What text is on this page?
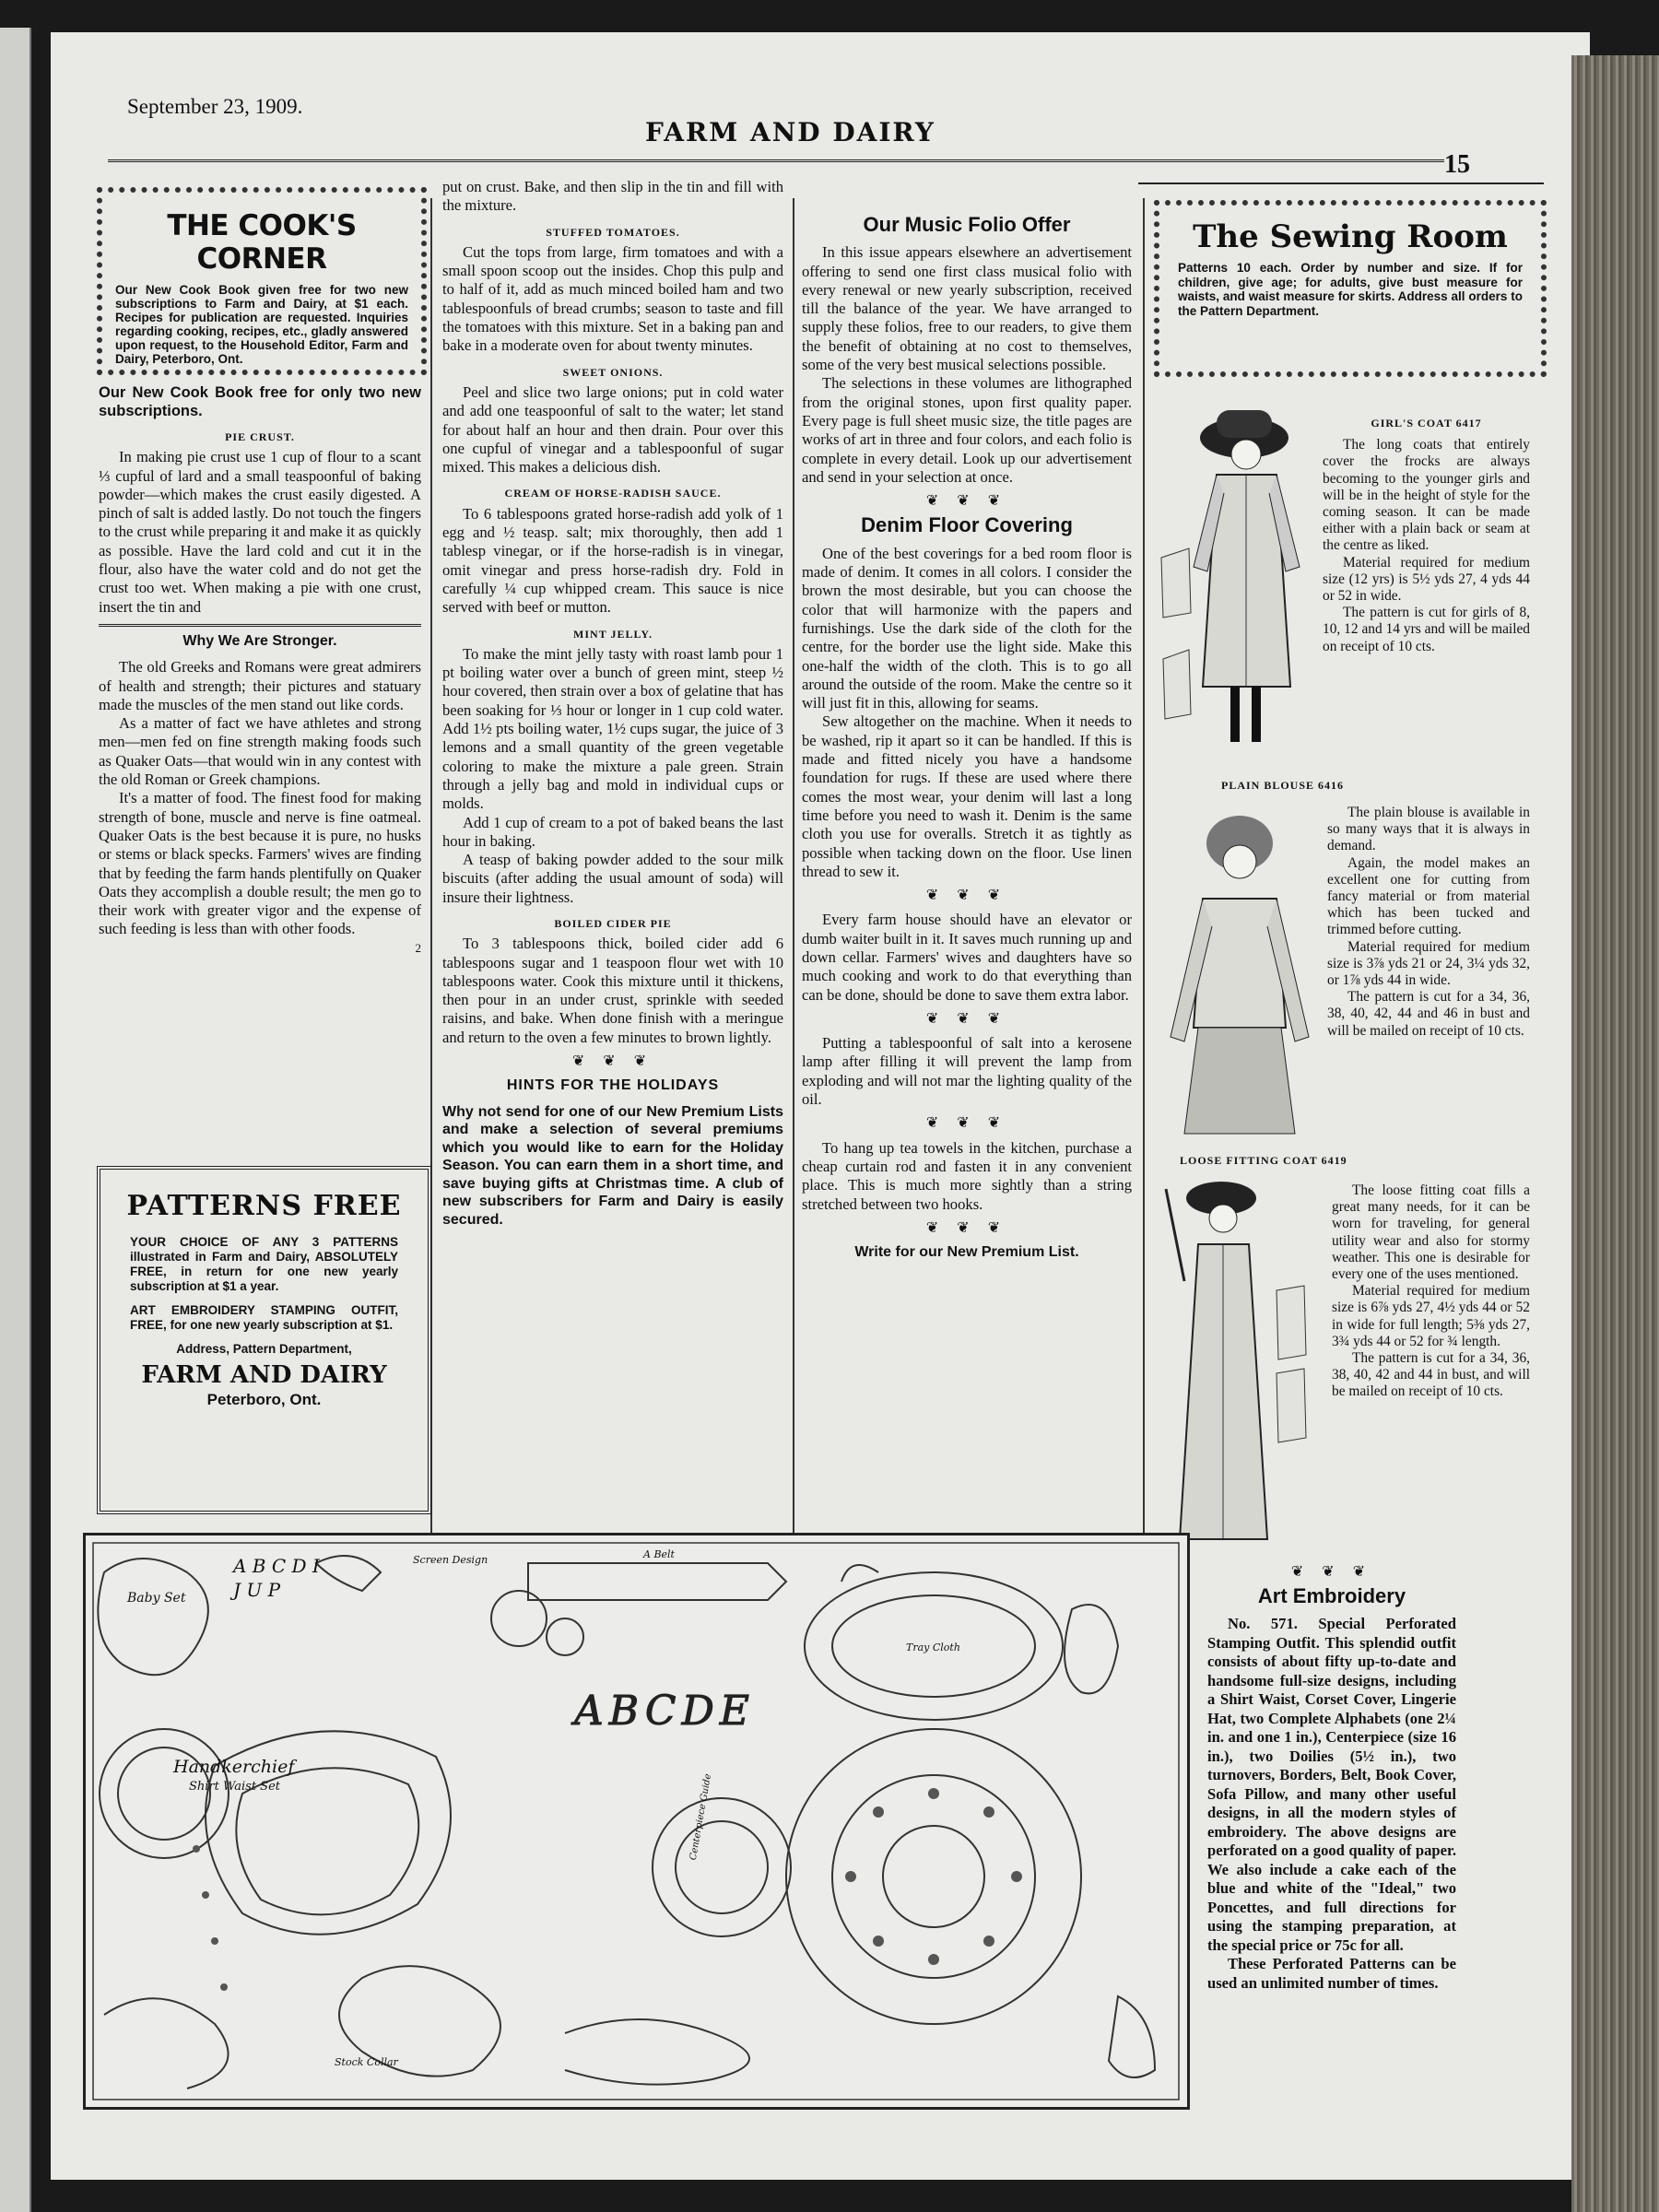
September 23, 1909.
FARM AND DAIRY
15
THE COOK'S CORNER
Our New Cook Book given free for two new subscriptions to Farm and Dairy, at $1 each. Recipes for publication are requested. Inquiries regarding cooking, recipes, etc., gladly answered upon request, to the Household Editor, Farm and Dairy, Peterboro, Ont.
Our New Cook Book free for only two new subscriptions.
PIE CRUST.

In making pie crust use 1 cup of flour to a scant ⅓ cupful of lard and a small teaspoonful of baking powder—which makes the crust easily digested. A pinch of salt is added lastly. Do not touch the fingers to the crust while preparing it and make it as quickly as possible. Have the lard cold and cut it in the flour, also have the water cold and do not get the crust too wet. When making a pie with one crust, insert the tin and

Why We Are Stronger.

The old Greeks and Romans were great admirers of health and strength; their pictures and statuary made the muscles of the men stand out like cords.

As a matter of fact we have athletes and strong men—men fed on fine strength making foods such as Quaker Oats—that would win in any contest with the old Roman or Greek champions.

It's a matter of food. The finest food for making strength of bone, muscle and nerve is fine oatmeal. Quaker Oats is the best because it is pure, no husks or stems or black specks. Farmers' wives are finding that by feeding the farm hands plentifully on Quaker Oats they accomplish a double result; the men go to their work with greater vigor and the expense of such feeding is less than with other foods.

2
PATTERNS FREE
YOUR CHOICE OF ANY 3 PATTERNS illustrated in Farm and Dairy, ABSOLUTELY FREE, in return for one new yearly subscription at $1 a year.
ART EMBROIDERY STAMPING OUTFIT, FREE, for one new yearly subscription at $1.
Address, Pattern Department,
FARM AND DAIRY
Peterboro, Ont.
put on crust. Bake, and then slip in the tin and fill with the mixture.
STUFFED TOMATOES.

Cut the tops from large, firm tomatoes and with a small spoon scoop out the insides. Chop this pulp and to half of it, add as much minced boiled ham and two tablespoonfuls of bread crumbs; season to taste and fill the tomatoes with this mixture. Set in a baking pan and bake in a moderate oven for about twenty minutes.

SWEET ONIONS.

Peel and slice two large onions; put in cold water and add one teaspoonful of salt to the water; let stand for about half an hour and then drain. Pour over this one cupful of vinegar and a tablespoonful of sugar mixed. This makes a delicious dish.

CREAM OF HORSE-RADISH SAUCE.

To 6 tablespoons grated horse-radish add yolk of 1 egg and ½ teasp. salt; mix thoroughly, then add 1 tablesp vinegar, or if the horse-radish is in vinegar, omit vinegar and press horse-radish dry. Fold in carefully ¼ cup whipped cream. This sauce is nice served with beef or mutton.

MINT JELLY.

To make the mint jelly tasty with roast lamb pour 1 pt boiling water over a bunch of green mint, steep ½ hour covered, then strain over a box of gelatine that has been soaking for ⅓ hour or longer in 1 cup cold water. Add 1½ pts boiling water, 1½ cups sugar, the juice of 3 lemons and a small quantity of the green vegetable coloring to make the mixture a pale green. Strain through a jelly bag and mold in individual cups or molds.

Add 1 cup of cream to a pot of baked beans the last hour in baking.

A teasp of baking powder added to the sour milk biscuits (after adding the usual amount of soda) will insure their lightness.

BOILED CIDER PIE

To 3 tablespoons thick, boiled cider add 6 tablespoons sugar and 1 teaspoon flour wet with 10 tablespoons water. Cook this mixture until it thickens, then pour in an under crust, sprinkle with seeded raisins, and bake. When done finish with a meringue and return to the oven a few minutes to brown lightly.

❦ ❦ ❦
HINTS FOR THE HOLIDAYS
Why not send for one of our New Premium Lists and make a selection of several premiums which you would like to earn for the Holiday Season. You can earn them in a short time, and save buying gifts at Christmas time. A club of new subscribers for Farm and Dairy is easily secured.
Our Music Folio Offer

In this issue appears elsewhere an advertisement offering to send one first class musical folio with every renewal or new yearly subscription, received till the balance of the year. We have arranged to supply these folios, free to our readers, to give them the benefit of obtaining at no cost to themselves, some of the very best musical selections possible.

The selections in these volumes are lithographed from the original stones, upon first quality paper. Every page is full sheet music size, the title pages are works of art in three and four colors, and each folio is complete in every detail. Look up our advertisement and send in your selection at once.

❦ ❦ ❦
Denim Floor Covering

One of the best coverings for a bed room floor is made of denim. It comes in all colors. I consider the brown the most desirable, but you can choose the color that will harmonize with the papers and furnishings. Use the dark side of the cloth for the centre, for the border use the light side. Make this one-half the width of the cloth. This is to go all around the outside of the room. Make the centre so it will just fit in this, allowing for seams.

Sew altogether on the machine. When it needs to be washed, rip it apart so it can be handled. If this is made and fitted nicely you have a handsome foundation for rugs. If these are used where there comes the most wear, your denim will last a long time before you need to wash it. Denim is the same cloth you use for overalls. Stretch it as tightly as possible when tacking down on the floor. Use linen thread to sew it.

❦ ❦ ❦

Every farm house should have an elevator or dumb waiter built in it. It saves much running up and down cellar. Farmers' wives and daughters have so much cooking and work to do that everything than can be done, should be done to save them extra labor.

❦ ❦ ❦

Putting a tablespoonful of salt into a kerosene lamp after filling it will prevent the lamp from exploding and will not mar the lighting quality of the oil.

❦ ❦ ❦

To hang up tea towels in the kitchen, purchase a cheap curtain rod and fasten it in any convenient place. This is much more sightly than a string stretched between two hooks.

❦ ❦ ❦
Write for our New Premium List.
The Sewing Room
Patterns 10 each. Order by number and size. If for children, give age; for adults, give bust measure for waists, and waist measure for skirts. Address all orders to the Pattern Department.
GIRL'S COAT 6417

The long coats that entirely cover the frocks are always becoming to the younger girls and will be in the height of style for the coming season. It can be made either with a plain back or seam at the centre as liked.

Material required for medium size (12 yrs) is 5½ yds 27, 4 yds 44 or 52 in wide.

The pattern is cut for girls of 8, 10, 12 and 14 yrs and will be mailed on receipt of 10 cts.

PLAIN BLOUSE 6416

The plain blouse is available in so many ways that it is always in demand.

Again, the model makes an excellent one for cutting from fancy material or from material which has been tucked and trimmed before cutting.

Material required for medium size is 3⅞ yds 21 or 24, 3¼ yds 32, or 1⅞ yds 44 in wide.

The pattern is cut for a 34, 36, 38, 40, 42, 44 and 46 in bust and will be mailed on receipt of 10 cts.

LOOSE FITTING COAT 6419

The loose fitting coat fills a great many needs, for it can be worn for traveling, for general utility wear and also for stormy weather. This one is desirable for every one of the uses mentioned.

Material required for medium size is 6⅞ yds 27, 4½ yds 44 or 52 in wide for full length; 5⅜ yds 27, 3¾ yds 44 or 52 for ¾ length.

The pattern is cut for a 34, 36, 38, 40, 42 and 44 in bust, and will be mailed on receipt of 10 cts.

❦ ❦ ❦
Art Embroidery

No. 571. Special Perforated Stamping Outfit. This splendid outfit consists of about fifty up-to-date and handsome full-size designs, including a Shirt Waist, Corset Cover, Lingerie Hat, two Complete Alphabets (one 2¼ in. and one 1 in.), Centerpiece (size 16 in.), two Doilies (5½ in.), two turnovers, Borders, Belt, Book Cover, Sofa Pillow, and many other useful designs, in all the modern styles of embroidery. The above designs are perforated on a good quality of paper. We also include a cake each of the blue and white of the "Ideal," two Poncettes, and full directions for using the stamping preparation, at the special price or 75c for all.

These Perforated Patterns can be used an unlimited number of times.

ABCDE
Handkerchief
Shirt Waist Set
Baby Set
A B C D I J U P
Screen Design	A Belt
Tray Cloth
Stock Collar
Centerpiece Guide
